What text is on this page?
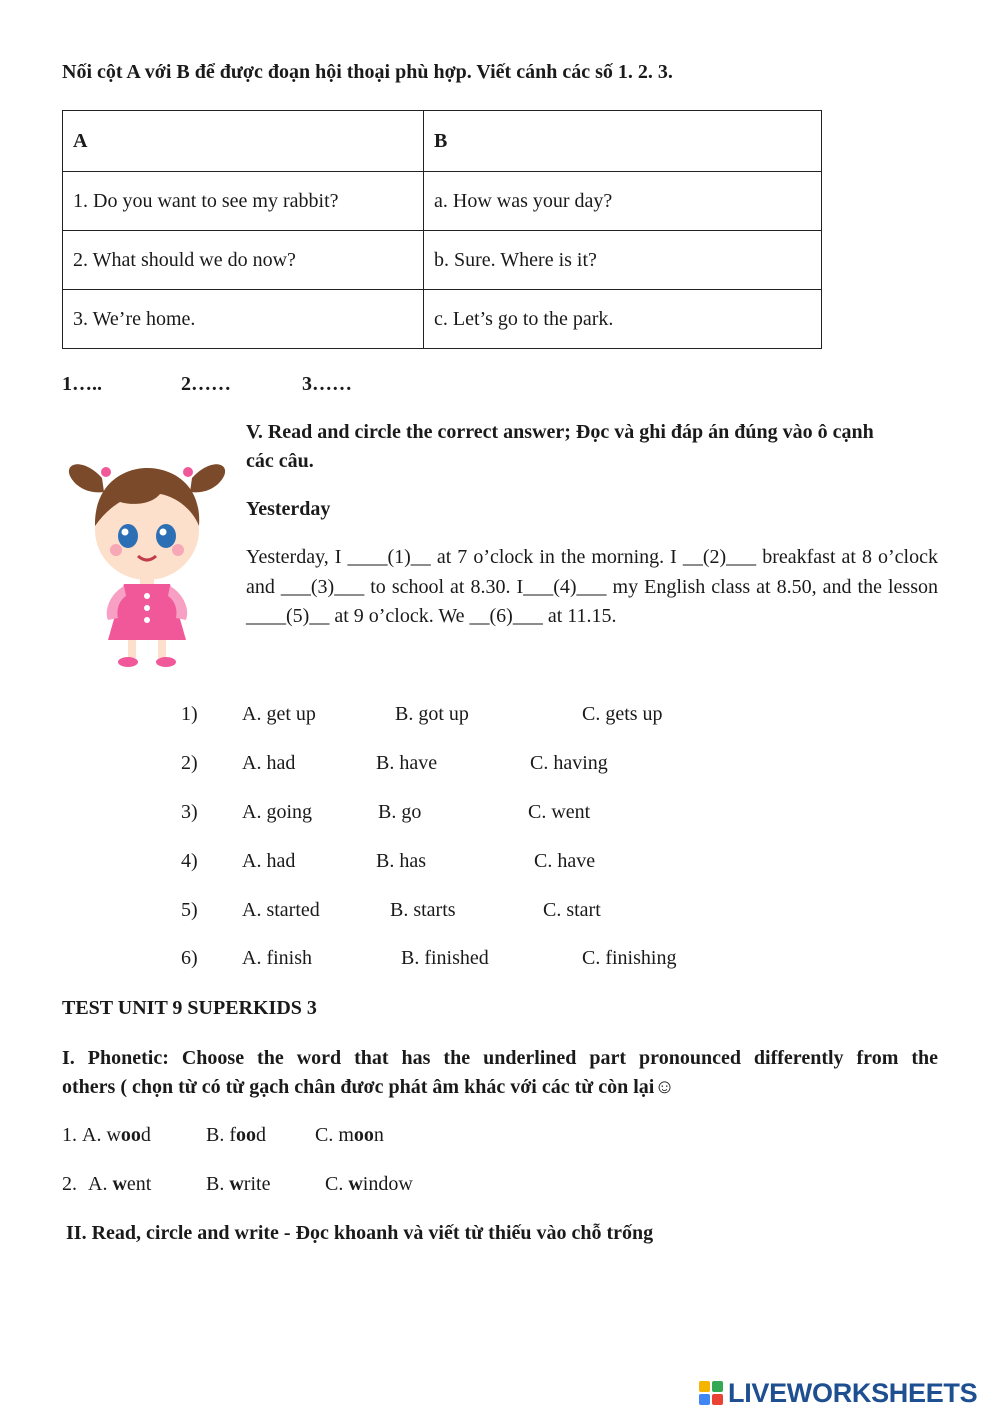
Nối cột A với B để được đoạn hội thoại phù hợp. Viết cánh các số 1. 2. 3.
A	B
1. Do you want to see my rabbit?	a. How was your day?
2. What should we do now?	b. Sure. Where is it?
3. We’re home.	c. Let’s go to the park.
1…..	2……	3……
V. Read and circle the correct answer; Đọc và ghi đáp án đúng vào ô cạnh
các câu.
Yesterday
Yesterday, I ____(1)__ at 7 o’clock in the morning. I __(2)___ breakfast at 8 o’clock and ___(3)___ to school at 8.30. I___(4)___ my English class at 8.50, and the lesson ____(5)__ at 9 o’clock. We __(6)___ at 11.15.
1) A. get up	B. got up	C. gets up
2) A. had	B. have	C. having
3) A. going	B. go	C. went
4) A. had	B. has	C. have
5) A. started	B. starts	C. start
6) A. finish	B. finished	C. finishing
TEST UNIT 9 SUPERKIDS 3
I. Phonetic: Choose the word that has the underlined part pronounced differently from the
others ( chọn từ có từ gạch chân đươc phát âm khác với các từ còn lại☺
1. A. wood	B. food C. moon
2. A. went	B. write	C. window
II. Read, circle and write - Đọc khoanh và viết từ thiếu vào chỗ trống
LIVEWORKSHEETS
